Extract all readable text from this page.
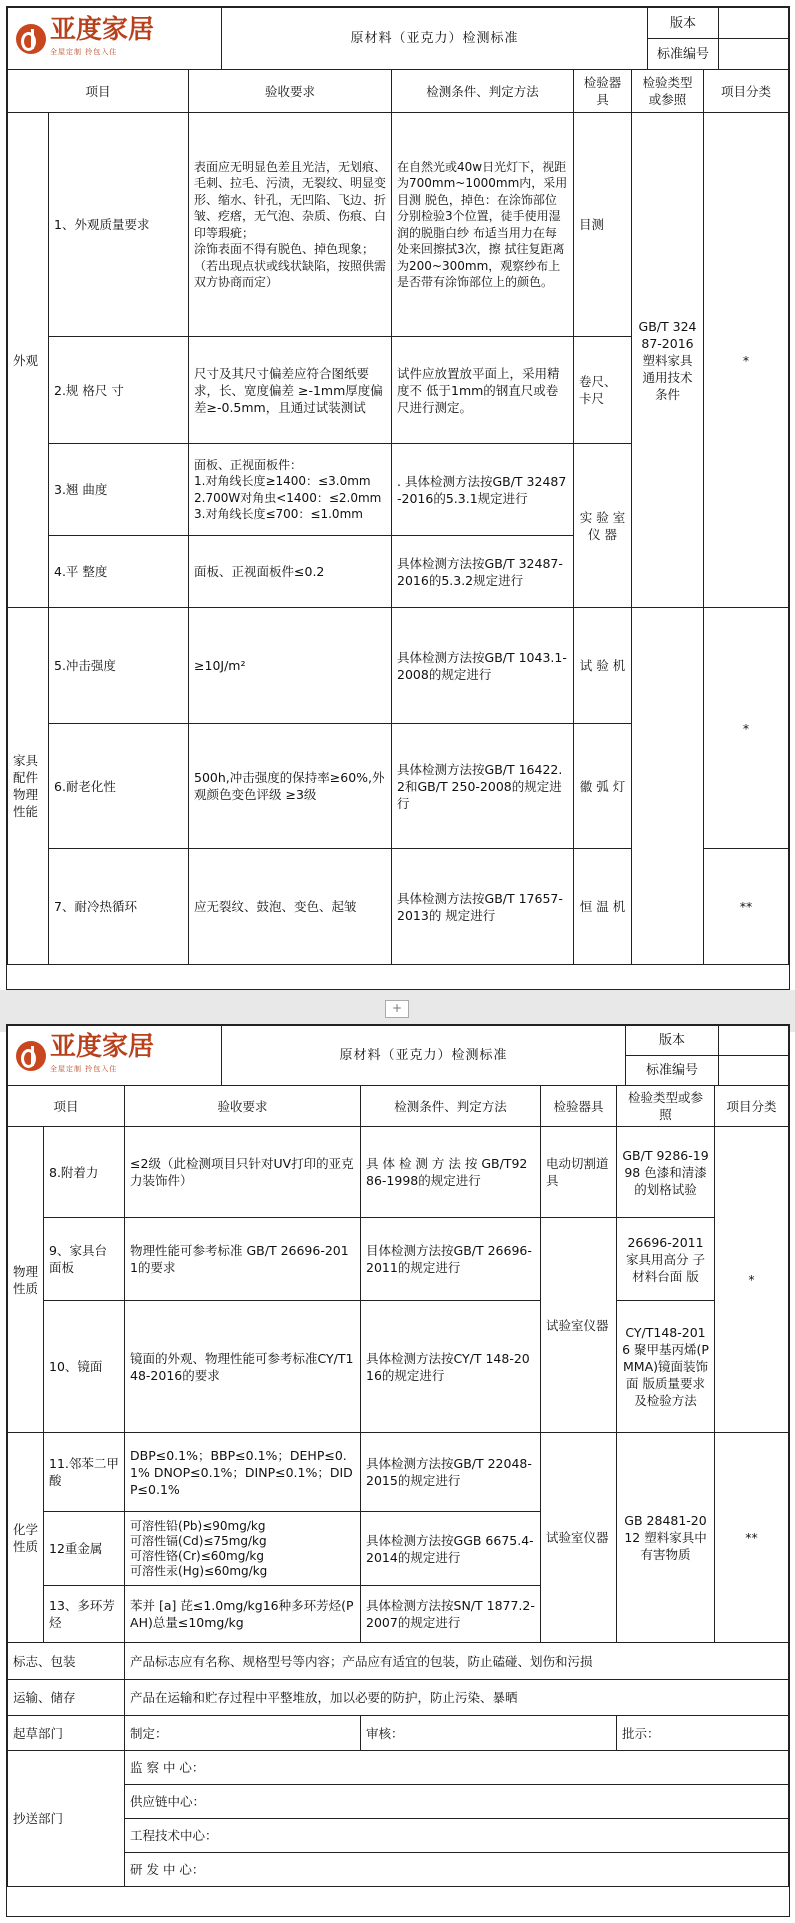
亚度家居
全屋定制 拎包入住	原材料（亚克力）检测标准	版本	
		标准编号	
项目		验收要求	检测条件、判定方法	检验器具	检验类型或参照	项目分类
外观	1、外观质量要求	表面应无明显色差且光洁，无划痕、毛刺、拉毛、污渍，无裂纹、明显变形、缩水、针孔，无凹陷、飞边、折皱、疙瘩，无气泡、杂质、伤痕、白印等瑕疵；
涂饰表面不得有脱色、掉色现象；
（若出现点状或线状缺陷，按照供需双方协商而定）	在自然光或40w日光灯下，视距为700mm~1000mm内，采用目测 脱色，掉色：在涂饰部位分别检验3个位置，徒手使用湿润的脱脂白纱 布适当用力在每处来回擦拭3次，擦 拭往复距离为200~300mm，观察纱布上是否带有涂饰部位上的颜色。	目测	GB/T 32487-2016 塑料家具通用技术条件	*
	2.规 格尺 寸	尺寸及其尺寸偏差应符合图纸要求，长、宽度偏差 ≥-1mm厚度偏差≥-0.5mm，且通过试装测试	试件应放置放平面上，采用精度不 低于1mm的钢直尺或卷尺进行测定。	卷尺、卡尺		
	3.翘 曲度	面板、正视面板件：
1.对角线长度≥1400：≤3.0mm
2.700W对角虫<1400：≤2.0mm
3.对角线长度≤700：≤1.0mm	. 具体检测方法按GB/T 32487-2016的5.3.1规定进行	实 验 室 仪 器		
	4.平 整度	面板、正视面板件≤0.2	具体检测方法按GB/T 32487-2016的5.3.2规定进行			
家具配件物理性能	5.冲击强度	≥10J/m²	具体检测方法按GB/T 1043.1-2008的规定进行	试 验 机		*
	6.耐老化性	500h,冲击强度的保持率≥60%,外观颜色变色评级 ≥3级	具体检测方法按GB/T 16422.2和GB/T 250-2008的规定进行	徽 弧 灯		
	7、耐冷热循环	应无裂纹、鼓泡、变色、起皱	具体检测方法按GB/T 17657-2013的 规定进行	恒 温 机		**
+
亚度家居
全屋定制 拎包入住	原材料（亚克力）检测标准	版本	
		标准编号	
项目		验收要求	检测条件、判定方法	检验器具	检验类型或参照	项目分类
物理性质	8.附着力	≤2级（此检测项目只针对UV打印的亚克力装饰件）	具 体 检 测 方 法 按 GB/T9286-1998的规定进行	电动切割道具	GB/T 9286-1998 色漆和清漆的划格试验	*
	9、家具台面板	物理性能可参考标准 GB/T 26696-2011的要求	目体检测方法按GB/T 26696-2011的规定进行	试验室仪器	26696-2011 家具用高分 子材料台面 版	
	10、镜面	镜面的外观、物理性能可参考标准CY/T148-2016的要求	具体检测方法按CY/T 148-2016的规定进行		CY/T148-2016 聚甲基丙烯(PMMA)镜面装饰面 版质量要求 及检验方法	
化学性质	11.邻苯二甲酸	DBP≤0.1%；BBP≤0.1%；DEHP≤0.1% DNOP≤0.1%；DINP≤0.1%；DIDP≤0.1%	具体检测方法按GB/T 22048-2015的规定进行	试验室仪器	GB 28481-2012 塑料家具中有害物质	**
	12重金属	可溶性铅(Pb)≤90mg/kg
可溶性镉(Cd)≤75mg/kg
可溶性铬(Cr)≤60mg/kg
可溶性汞(Hg)≤60mg/kg	具体检测方法按GGB 6675.4-2014的规定进行			
	13、多环芳烃	苯并 [a] 芘≤1.0mg/kg16种多环芳烃(PAH)总量≤10mg/kg	具体检测方法按SN/T 1877.2-2007的规定进行			
标志、包装	产品标志应有名称、规格型号等内容；产品应有适宜的包装，防止磕碰、划伤和污损		
运输、储存	产品在运输和贮存过程中平整堆放，加以必要的防护，防止污染、暴晒		
起草部门	制定：	审核：	批示：
抄送部门	监 察 中 心：		
	供应链中心：		
	工程技术中心：		
	研 发 中 心：		
